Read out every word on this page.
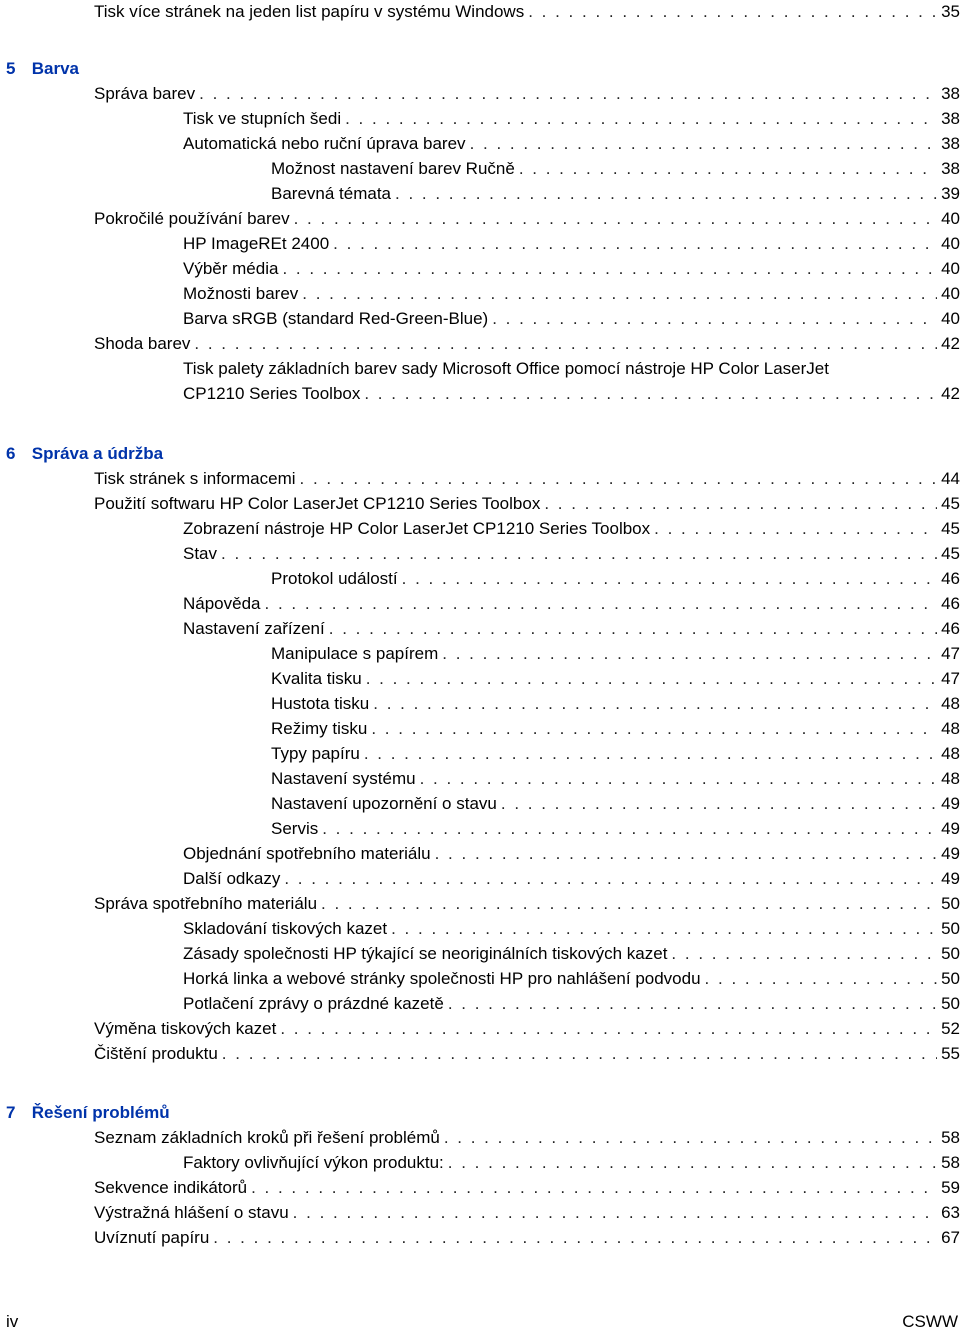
Tisk více stránek na jeden list papíru v systému Windows . . .	35
5 Barva
Správa barev . . .	38
Tisk ve stupních šedi . . .	38
Automatická nebo ruční úprava barev . . .	38
Možnost nastavení barev Ručně . . .	38
Barevná témata . . .	39
Pokročilé používání barev . . .	40
HP ImageREt 2400 . . .	40
Výběr média . . .	40
Možnosti barev . . .	40
Barva sRGB (standard Red-Green-Blue) . . .	40
Shoda barev . . .	42
Tisk palety základních barev sady Microsoft Office pomocí nástroje HP Color LaserJet
CP1210 Series Toolbox . . .	42
6 Správa a údržba
Tisk stránek s informacemi . . .	44
Použití softwaru HP Color LaserJet CP1210 Series Toolbox . . .	45
Zobrazení nástroje HP Color LaserJet CP1210 Series Toolbox . . .	45
Stav . . .	45
Protokol událostí . . .	46
Nápověda . . .	46
Nastavení zařízení . . .	46
Manipulace s papírem . . .	47
Kvalita tisku . . .	47
Hustota tisku . . .	48
Režimy tisku . . .	48
Typy papíru . . .	48
Nastavení systému . . .	48
Nastavení upozornění o stavu . . .	49
Servis . . .	49
Objednání spotřebního materiálu . . .	49
Další odkazy . . .	49
Správa spotřebního materiálu . . .	50
Skladování tiskových kazet . . .	50
Zásady společnosti HP týkající se neoriginálních tiskových kazet . . .	50
Horká linka a webové stránky společnosti HP pro nahlášení podvodu . . .	50
Potlačení zprávy o prázdné kazetě . . .	50
Výměna tiskových kazet . . .	52
Čištění produktu . . .	55
7 Řešení problémů
Seznam základních kroků při řešení problémů . . .	58
Faktory ovlivňující výkon produktu: . . .	58
Sekvence indikátorů . . .	59
Výstražná hlášení o stavu . . .	63
Uvíznutí papíru . . .	67
iv	CSWW
